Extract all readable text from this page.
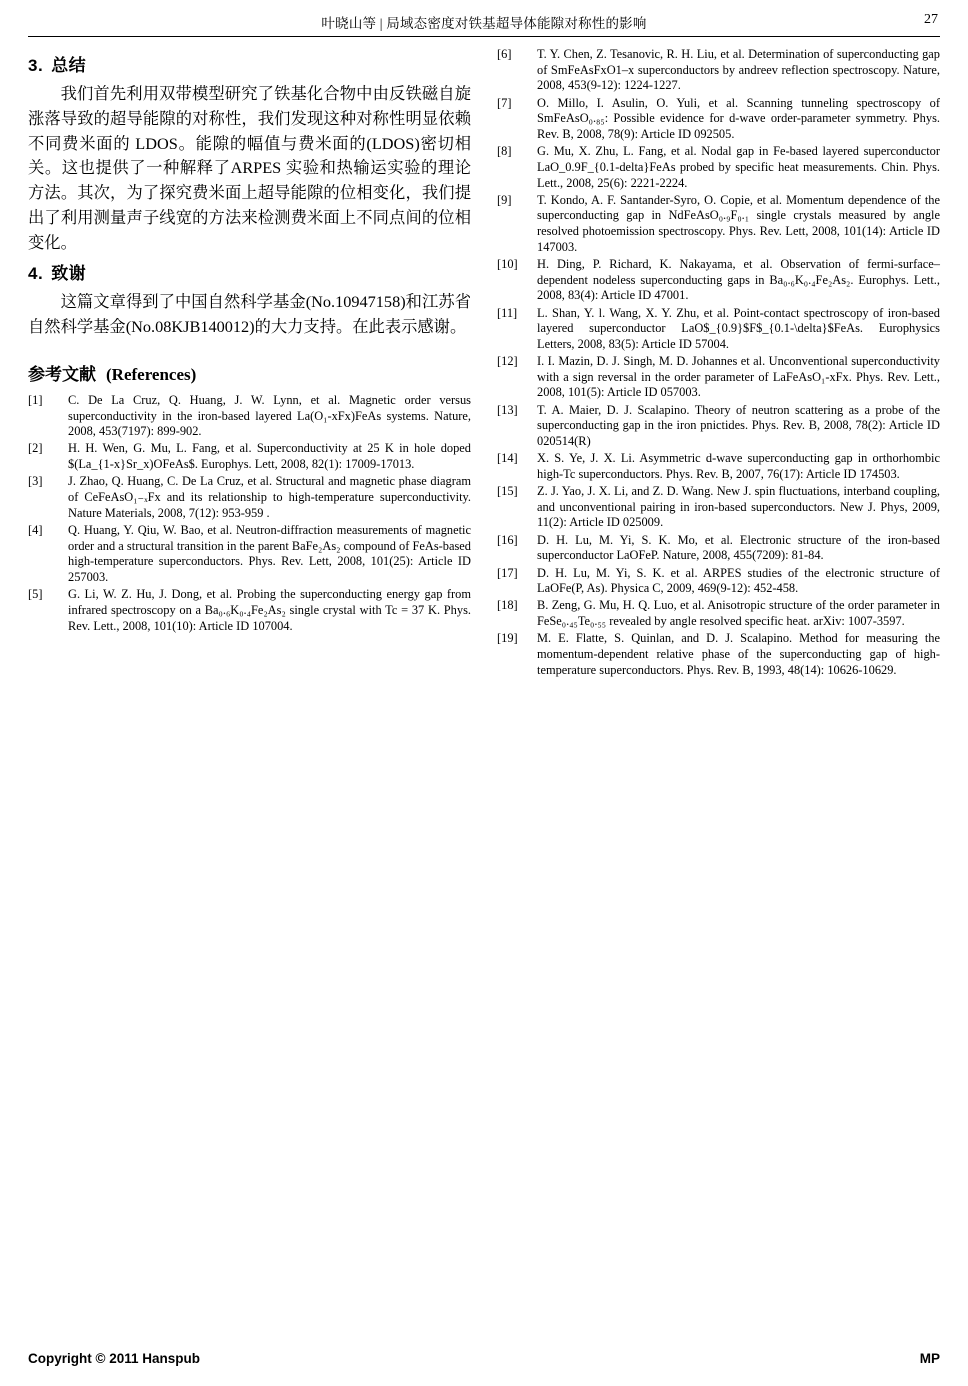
叶晓山等 | 局域态密度对铁基超导体能隙对称性的影响	27
3. 总结

我们首先利用双带模型研究了铁基化合物中由反铁磁自旋涨落导致的超导能隙的对称性，我们发现这种对称性明显依赖不同费米面的 LDOS。能隙的幅值与费米面的(LDOS)密切相关。这也提供了一种解释了ARPES 实验和热输运实验的理论方法。其次，为了探究费米面上超导能隙的位相变化，我们提出了利用测量声子线宽的方法来检测费米面上不同点间的位相变化。

4. 致谢

这篇文章得到了中国自然科学基金(No.10947158)和江苏省自然科学基金(No.08KJB140012)的大力支持。在此表示感谢。

参考文献 (References)
[1]	C. De La Cruz, Q. Huang, J. W. Lynn, et al. Magnetic order versus superconductivity in the iron-based layered La(O₁-xFx)FeAs systems. Nature, 2008, 453(7197): 899-902.
[2]	H. H. Wen, G. Mu, L. Fang, et al. Superconductivity at 25 K in hole doped $(La_{1-x}Sr_x)OFeAs$. Europhys. Lett, 2008, 82(1): 17009-17013.
[3]	J. Zhao, Q. Huang, C. De La Cruz, et al. Structural and magnetic phase diagram of CeFeAsO₁₋ₓFx and its relationship to high-temperature superconductivity. Nature Materials, 2008, 7(12): 953-959 .
[4]	Q. Huang, Y. Qiu, W. Bao, et al. Neutron-diffraction measurements of magnetic order and a structural transition in the parent BaFe₂As₂ compound of FeAs-based high-temperature superconductors. Phys. Rev. Lett, 2008, 101(25): Article ID 257003.
[5]	G. Li, W. Z. Hu, J. Dong, et al. Probing the superconducting energy gap from infrared spectroscopy on a Ba₀.₆K₀.₄Fe₂As₂ single crystal with Tc = 37 K. Phys. Rev. Lett., 2008, 101(10): Article ID 107004.
[6]	T. Y. Chen, Z. Tesanovic, R. H. Liu, et al. Determination of superconducting gap of SmFeAsFxO1–x superconductors by andreev reflection spectroscopy. Nature, 2008, 453(9-12): 1224-1227.
[7]	O. Millo, I. Asulin, O. Yuli, et al. Scanning tunneling spectroscopy of SmFeAsO₀.₈₅: Possible evidence for d-wave order-parameter symmetry. Phys. Rev. B, 2008, 78(9): Article ID 092505.
[8]	G. Mu, X. Zhu, L. Fang, et al. Nodal gap in Fe-based layered superconductor LaO_0.9F_{0.1-delta}FeAs probed by specific heat measurements. Chin. Phys. Lett., 2008, 25(6): 2221-2224.
[9]	T. Kondo, A. F. Santander-Syro, O. Copie, et al. Momentum dependence of the superconducting gap in NdFeAsO₀.₉F₀.₁ single crystals measured by angle resolved photoemission spectroscopy. Phys. Rev. Lett, 2008, 101(14): Article ID 147003.
[10]	H. Ding, P. Richard, K. Nakayama, et al. Observation of fermi-surface–dependent nodeless superconducting gaps in Ba₀.₆K₀.₄Fe₂As₂. Europhys. Lett., 2008, 83(4): Article ID 47001.
[11]	L. Shan, Y. l. Wang, X. Y. Zhu, et al. Point-contact spectroscopy of iron-based layered superconductor LaO$_{0.9}$F$_{0.1-\delta}$FeAs. Europhysics Letters, 2008, 83(5): Article ID 57004.
[12]	I. I. Mazin, D. J. Singh, M. D. Johannes et al. Unconventional superconductivity with a sign reversal in the order parameter of LaFeAsO₁-xFx. Phys. Rev. Lett., 2008, 101(5): Article ID 057003.
[13]	T. A. Maier, D. J. Scalapino. Theory of neutron scattering as a probe of the superconducting gap in the iron pnictides. Phys. Rev. B, 2008, 78(2): Article ID 020514(R)
[14]	X. S. Ye, J. X. Li. Asymmetric d-wave superconducting gap in orthorhombic high-Tc superconductors. Phys. Rev. B, 2007, 76(17): Article ID 174503.
[15]	Z. J. Yao, J. X. Li, and Z. D. Wang. New J. spin fluctuations, interband coupling, and unconventional pairing in iron-based superconductors. New J. Phys, 2009, 11(2): Article ID 025009.
[16]	D. H. Lu, M. Yi, S. K. Mo, et al. Electronic structure of the iron-based superconductor LaOFeP. Nature, 2008, 455(7209): 81-84.
[17]	D. H. Lu, M. Yi, S. K. et al. ARPES studies of the electronic structure of LaOFe(P, As). Physica C, 2009, 469(9-12): 452-458.
[18]	B. Zeng, G. Mu, H. Q. Luo, et al. Anisotropic structure of the order parameter in FeSe₀.₄₅Te₀.₅₅ revealed by angle resolved specific heat. arXiv: 1007-3597.
[19]	M. E. Flatte, S. Quinlan, and D. J. Scalapino. Method for measuring the momentum-dependent relative phase of the superconducting gap of high-temperature superconductors. Phys. Rev. B, 1993, 48(14): 10626-10629.
Copyright © 2011 Hanspub	MP
